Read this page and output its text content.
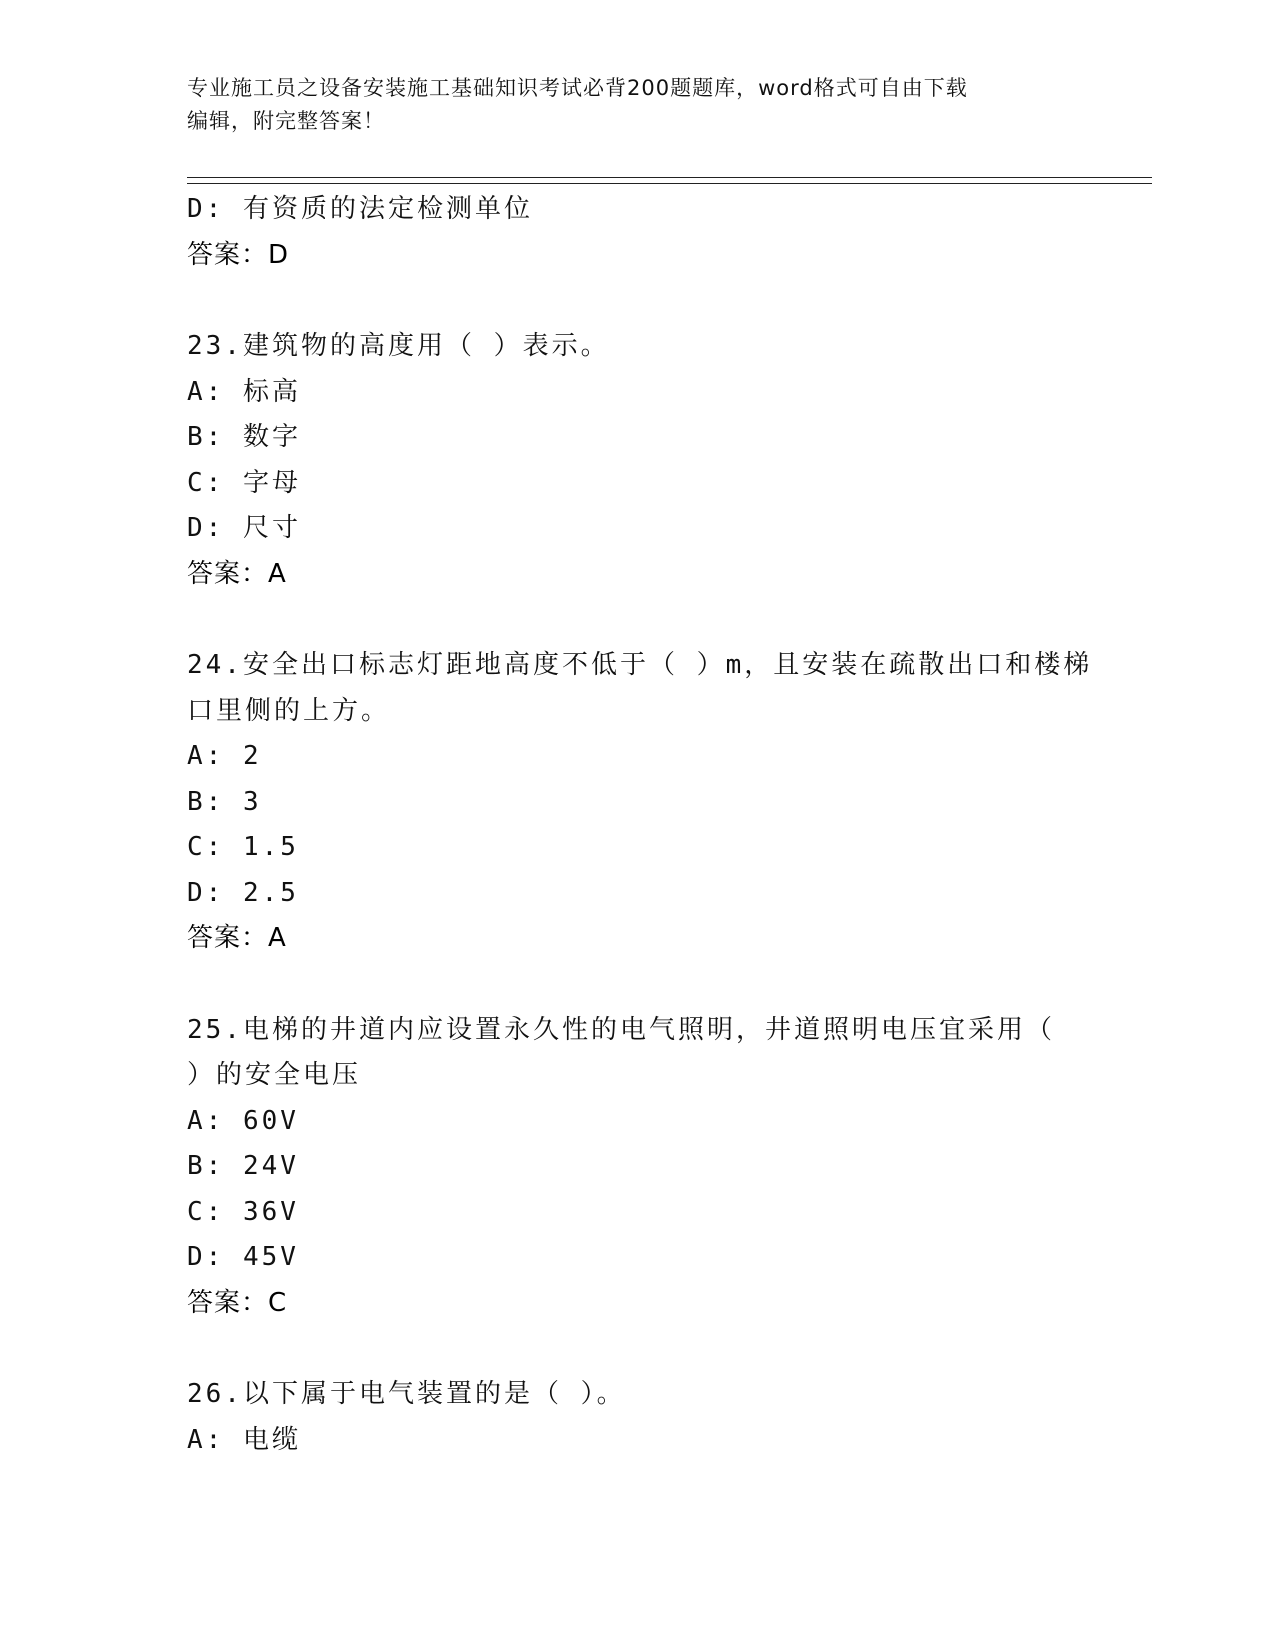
专业施工员之设备安装施工基础知识考试必背200题题库，word格式可自由下载
编辑，附完整答案！
D: 有资质的法定检测单位
答案：D
23.建筑物的高度用（ ）表示。
A: 标高
B: 数字
C: 字母
D: 尺寸
答案：A
24.安全出口标志灯距地高度不低于（ ）m，且安装在疏散出口和楼梯
口里侧的上方。
A: 2
B: 3
C: 1.5
D: 2.5
答案：A
25.电梯的井道内应设置永久性的电气照明，井道照明电压宜采用（
）的安全电压
A: 60V
B: 24V
C: 36V
D: 45V
答案：C
26.以下属于电气装置的是（ ）。
A: 电缆
